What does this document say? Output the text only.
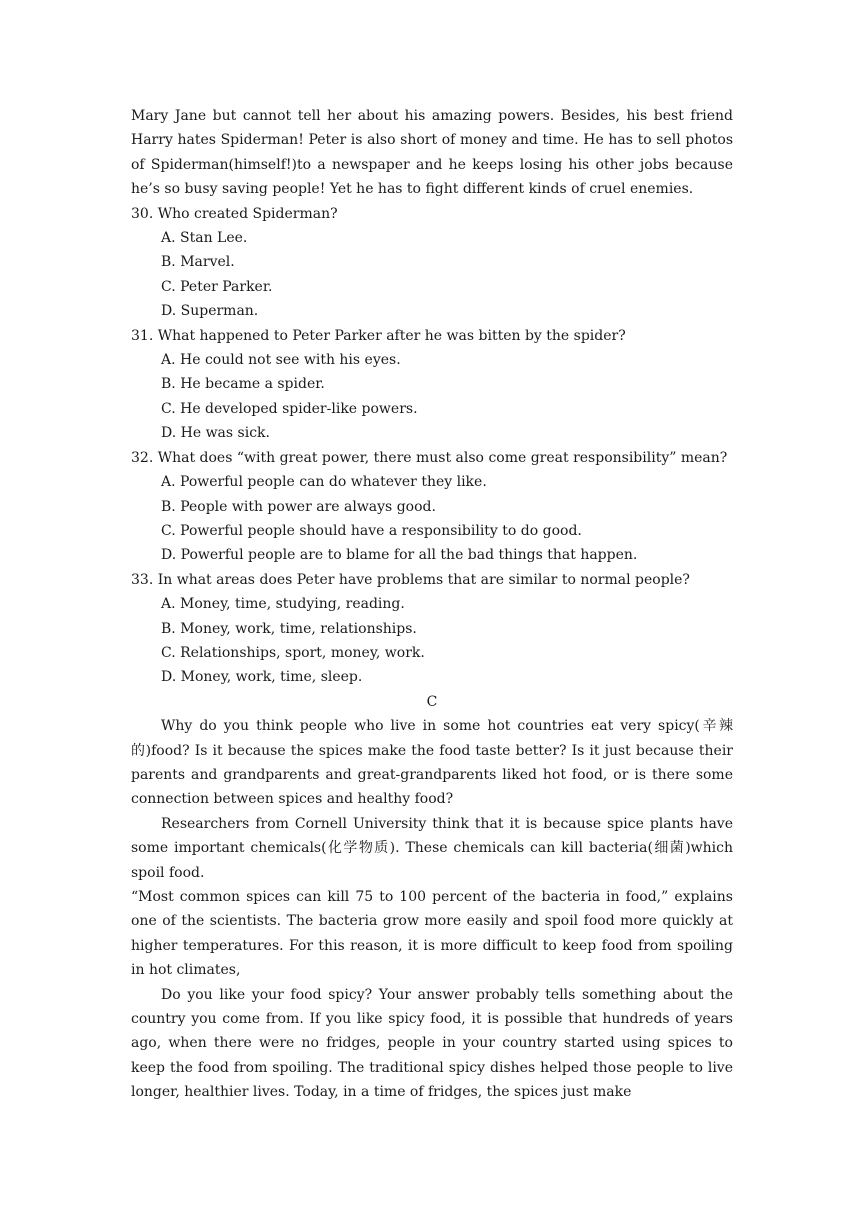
Mary Jane but cannot tell her about his amazing powers. Besides, his best friend Harry hates Spiderman! Peter is also short of money and time. He has to sell photos of Spiderman(himself!)to a newspaper and he keeps losing his other jobs because he’s so busy saving people! Yet he has to fight different kinds of cruel enemies.

30. Who created Spiderman?

A. Stan Lee.

B. Marvel.

C. Peter Parker.

D. Superman.

31. What happened to Peter Parker after he was bitten by the spider?

A. He could not see with his eyes.

B. He became a spider.

C. He developed spider-like powers.

D. He was sick.

32. What does “with great power, there must also come great responsibility” mean?

A. Powerful people can do whatever they like.

B. People with power are always good.

C. Powerful people should have a responsibility to do good.

D. Powerful people are to blame for all the bad things that happen.

33. In what areas does Peter have problems that are similar to normal people?

A. Money, time, studying, reading.

B. Money, work, time, relationships.

C. Relationships, sport, money, work.

D. Money, work, time, sleep.

C

Why do you think people who live in some hot countries eat very spicy(辛辣的)food? Is it because the spices make the food taste better? Is it just because their parents and grandparents and great-grandparents liked hot food, or is there some connection between spices and healthy food?

Researchers from Cornell University think that it is because spice plants have some important chemicals(化学物质). These chemicals can kill bacteria(细菌)which spoil food.

“Most common spices can kill 75 to 100 percent of the bacteria in food,” explains one of the scientists. The bacteria grow more easily and spoil food more quickly at higher temperatures. For this reason, it is more difficult to keep food from spoiling in hot climates,

Do you like your food spicy? Your answer probably tells something about the country you come from. If you like spicy food, it is possible that hundreds of years ago, when there were no fridges, people in your country started using spices to keep the food from spoiling. The traditional spicy dishes helped those people to live longer, healthier lives. Today, in a time of fridges, the spices just make
